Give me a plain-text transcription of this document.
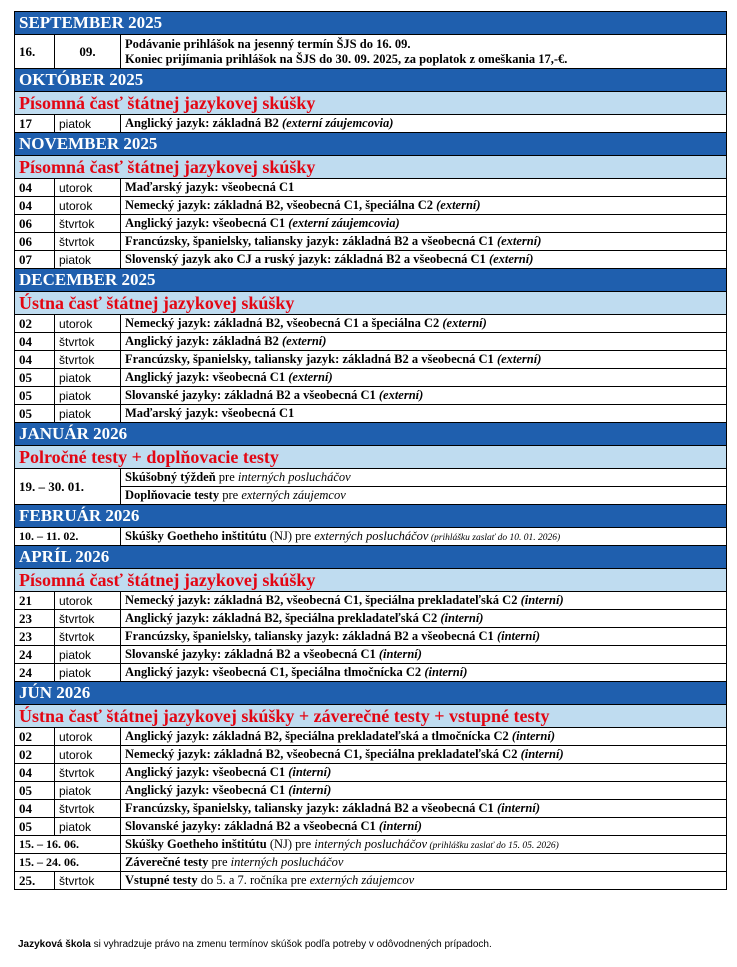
SEPTEMBER 2025		
16.	09.	Podávanie prihlášok na jesenný termín ŠJS do 16. 09.
Koniec prijímania prihlášok na ŠJS do 30. 09. 2025, za poplatok z omeškania 17,-€.

OKTÓBER 2025		
Písomná časť štátnej jazykovej skúšky		
17	piatok	Anglický jazyk: základná B2 (externí záujemcovia)
NOVEMBER 2025		
Písomná časť štátnej jazykovej skúšky		
04	utorok	Maďarský jazyk: všeobecná C1
04	utorok	Nemecký jazyk: základná B2, všeobecná C1, špeciálna C2 (externí)
06	štvrtok	Anglický jazyk: všeobecná C1 (externí záujemcovia)
06	štvrtok	Francúzsky, španielsky, taliansky jazyk: základná B2 a všeobecná C1 (externí)
07	piatok	Slovenský jazyk ako CJ a ruský jazyk: základná B2 a všeobecná C1 (externí)
DECEMBER 2025		
Ústna časť štátnej jazykovej skúšky		
02	utorok	Nemecký jazyk: základná B2, všeobecná C1 a špeciálna C2 (externí)
04	štvrtok	Anglický jazyk: základná B2 (externí)
04	štvrtok	Francúzsky, španielsky, taliansky jazyk: základná B2 a všeobecná C1 (externí)
05	piatok	Anglický jazyk: všeobecná C1 (externí)
05	piatok	Slovanské jazyky: základná B2 a všeobecná C1 (externí)
05	piatok	Maďarský jazyk: všeobecná C1
JANUÁR 2026		
Polročné testy + doplňovacie testy		
19. – 30. 01.		Skúšobný týždeň pre interných poslucháčov
		Doplňovacie testy pre externých záujemcov
FEBRUÁR 2026		
10. – 11. 02.		Skúšky Goetheho inštitútu (NJ) pre externých poslucháčov (prihlášku zaslať do 10. 01. 2026)
APRÍL 2026		
Písomná časť štátnej jazykovej skúšky		
21	utorok	Nemecký jazyk: základná B2, všeobecná C1, špeciálna prekladateľská C2 (interní)
23	štvrtok	Anglický jazyk: základná B2, špeciálna prekladateľská C2 (interní)
23	štvrtok	Francúzsky, španielsky, taliansky jazyk: základná B2 a všeobecná C1 (interní)
24	piatok	Slovanské jazyky: základná B2 a všeobecná C1 (interní)
24	piatok	Anglický jazyk: všeobecná C1, špeciálna tlmočnícka C2 (interní)
JÚN 2026		
Ústna časť štátnej jazykovej skúšky + záverečné testy + vstupné testy		
02	utorok	Anglický jazyk: základná B2, špeciálna prekladateľská a tlmočnícka C2 (interní)
02	utorok	Nemecký jazyk: základná B2, všeobecná C1, špeciálna prekladateľská C2 (interní)
04	štvrtok	Anglický jazyk: všeobecná C1 (interní)
05	piatok	Anglický jazyk: všeobecná C1 (interní)
04	štvrtok	Francúzsky, španielsky, taliansky jazyk: základná B2 a všeobecná C1 (interní)
05	piatok	Slovanské jazyky: základná B2 a všeobecná C1 (interní)
15. – 16. 06.		Skúšky Goetheho inštitútu (NJ) pre interných poslucháčov (prihlášku zaslať do 15. 05. 2026)
15. – 24. 06.		Záverečné testy pre interných poslucháčov
25.	štvrtok	Vstupné testy do 5. a 7. ročníka pre externých záujemcov
Jazyková škola si vyhradzuje právo na zmenu termínov skúšok podľa potreby v odôvodnených prípadoch.
